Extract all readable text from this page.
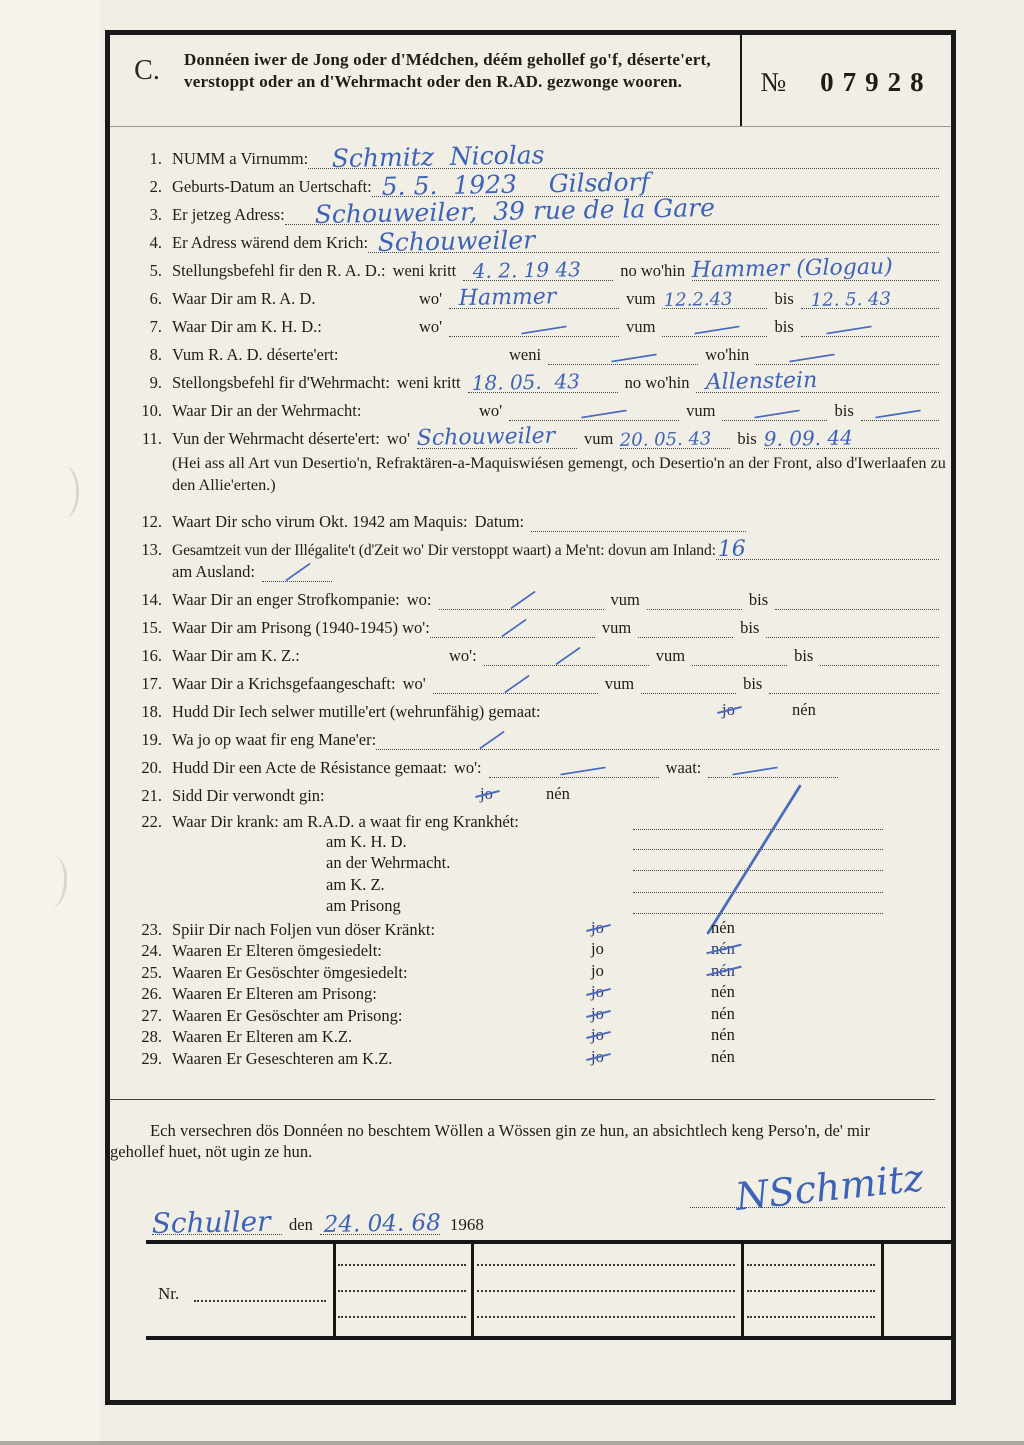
C.	Donnéen iwer de Jong oder d'Médchen, déém gehollef go'f, déserte'ert, verstoppt oder an d'Wehrmacht oder den R.AD. gezwonge wooren.	№ 07928
1. NUMM a Virnumm: Schmitz  Nicolas
2. Geburts-Datum an Uertschaft: 5. 5.  1923    Gilsdorf
3. Er jetzeg Adress: Schouweiler,  39 rue de la Gare
4. Er Adress wärend dem Krich: Schouweiler
5. Stellungsbefehl fir den R. A. D.: weni kritt 4. 2. 19 43 no wo'hin Hammer (Glogau)
6. Waar Dir am R. A. D.	wo' Hammer	vum 12.2.43	bis 12. 5. 43
7. Waar Dir am K. H. D.:	wo'	vum	bis
8. Vum R. A. D. déserte'ert:	weni	wo'hin
9. Stellongsbefehl fir d'Wehrmacht: weni kritt 18. 05.  43	no wo'hin Allenstein
10. Waar Dir an der Wehrmacht:	wo'	vum	bis
11. Vun der Wehrmacht déserte'ert: wo' Schouweiler vum 20. 05. 43 bis 9. 09. 44
(Hei ass all Art vun Desertio'n, Refraktären-a-Maquiswiésen gemengt, och Desertio'n an der Front, also d'Iwerlaafen zu den Allie'erten.)
12. Waart Dir scho virum Okt. 1942 am Maquis: Datum:
13. Gesamtzeit vun der Illégalite't (d'Zeit wo' Dir verstoppt waart) a Me'nt: dovun am Inland: 16
am Ausland:
14. Waar Dir an enger Strofkompanie: wo:	vum	bis
15. Waar Dir am Prisong (1940-1945) wo':	vum	bis
16. Waar Dir am K. Z.:	wo':	vum	bis
17. Waar Dir a Krichsgefaangeschaft: wo'	vum	bis
18. Hudd Dir Iech selwer mutille'ert (wehrunfähig) gemaat:	jo	nén
19. Wa jo op waat fir eng Mane'er:
20. Hudd Dir een Acte de Résistance gemaat: wo':	waat:
21. Sidd Dir verwondt gin:	jo	nén
22. Waar Dir krank: am R.A.D. a waat fir eng Krankhét:
am K. H. D.
an der Wehrmacht.
am K. Z.
am Prisong
23. Spiir Dir nach Foljen vun döser Kränkt:	jo	nén
24. Waaren Er Elteren ömgesiedelt:	jo	nén
25. Waaren Er Gesöschter ömgesiedelt:	jo	nén
26. Waaren Er Elteren am Prisong:	jo	nén
27. Waaren Er Gesöschter am Prisong:	jo	nén
28. Waaren Er Elteren am K.Z.	jo	nén
29. Waaren Er Geseschteren am K.Z.	jo	nén

Ech versechren dös Donnéen no beschtem Wöllen a Wössen gin ze hun, an absichtlech keng Perso'n, de' mir gehollef huet, nöt ugin ze hun.

Schuller den 24. 04. 68 1968
NSchmitz
Nr.
